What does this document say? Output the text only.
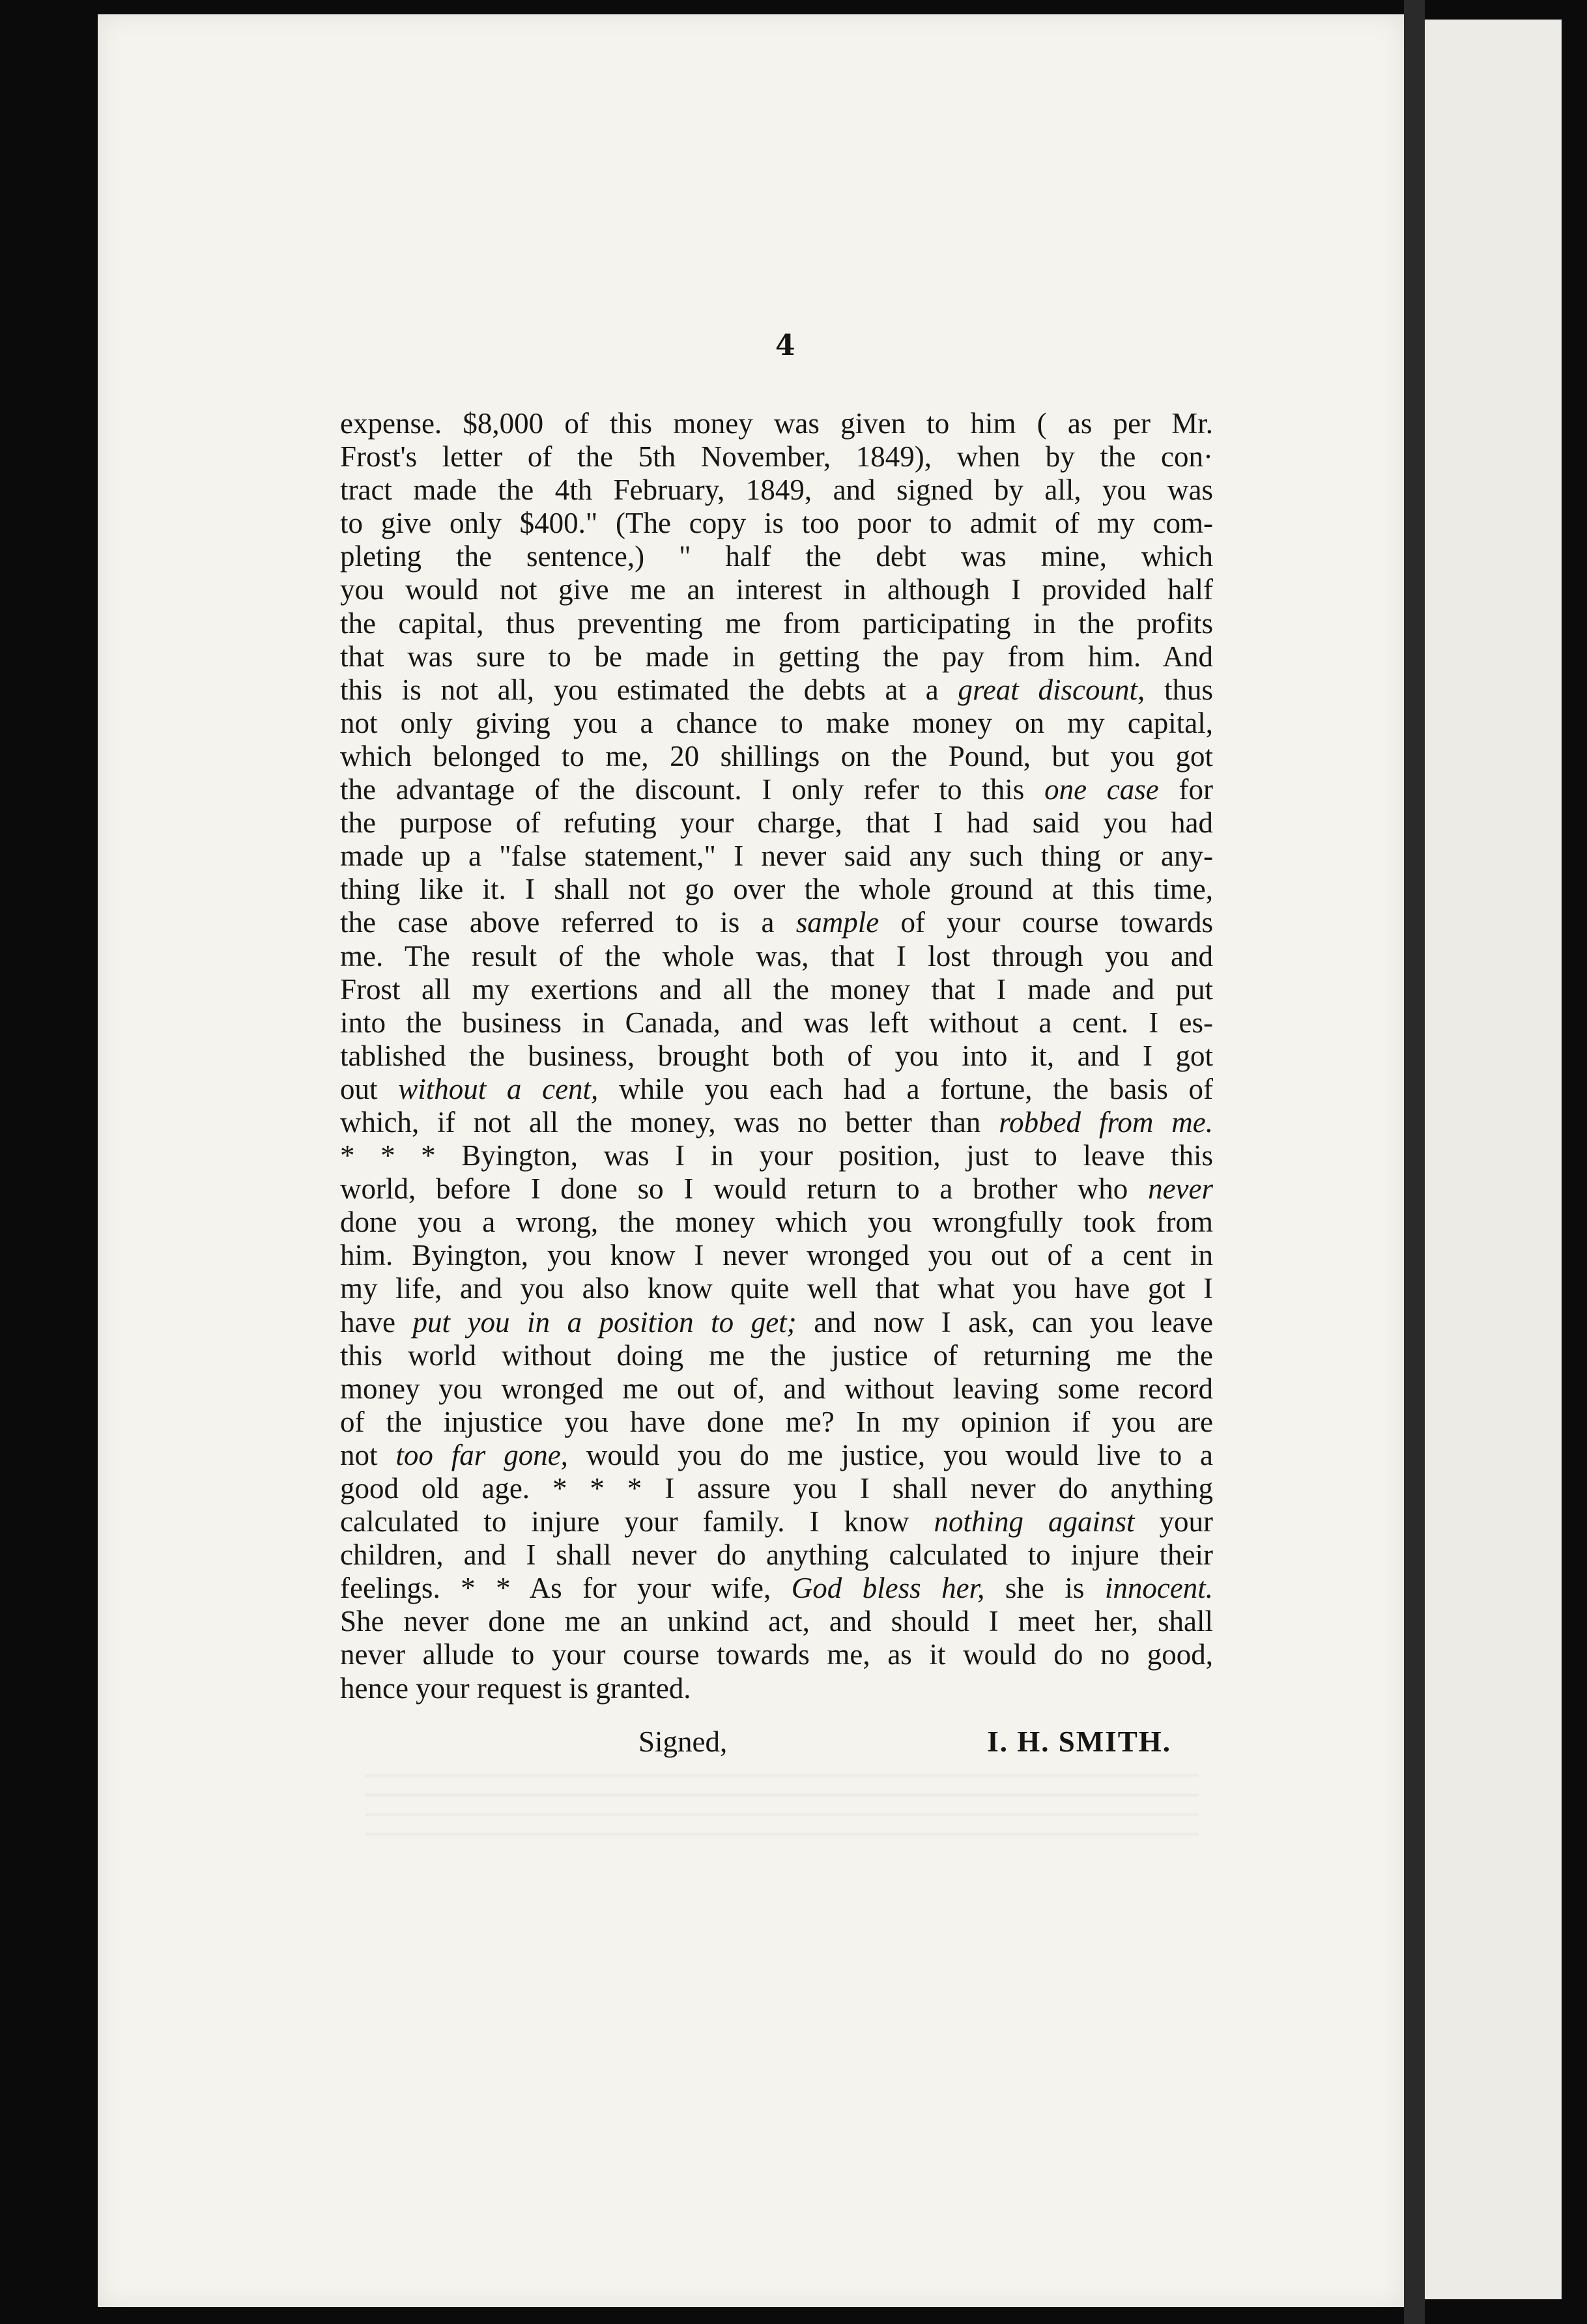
4
expense. $8,000 of this money was given to him ( as per Mr.
Frost's letter of the 5th November, 1849), when by the con·
tract made the 4th February, 1849, and signed by all, you was
to give only $400." (The copy is too poor to admit of my com-
pleting the sentence,) " half the debt was mine, which
you would not give me an interest in although I provided half
the capital, thus preventing me from participating in the profits
that was sure to be made in getting the pay from him. And
this is not all, you estimated the debts at a great discount, thus
not only giving you a chance to make money on my capital,
which belonged to me, 20 shillings on the Pound, but you got
the advantage of the discount. I only refer to this one case for
the purpose of refuting your charge, that I had said you had
made up a "false statement," I never said any such thing or any-
thing like it. I shall not go over the whole ground at this time,
the case above referred to is a sample of your course towards
me. The result of the whole was, that I lost through you and
Frost all my exertions and all the money that I made and put
into the business in Canada, and was left without a cent. I es-
tablished the business, brought both of you into it, and I got
out without a cent, while you each had a fortune, the basis of
which, if not all the money, was no better than robbed from me.
* * * Byington, was I in your position, just to leave this
world, before I done so I would return to a brother who never
done you a wrong, the money which you wrongfully took from
him. Byington, you know I never wronged you out of a cent in
my life, and you also know quite well that what you have got I
have put you in a position to get; and now I ask, can you leave
this world without doing me the justice of returning me the
money you wronged me out of, and without leaving some record
of the injustice you have done me? In my opinion if you are
not too far gone, would you do me justice, you would live to a
good old age. * * * I assure you I shall never do anything
calculated to injure your family. I know nothing against your
children, and I shall never do anything calculated to injure their
feelings. * * As for your wife, God bless her, she is innocent.
She never done me an unkind act, and should I meet her, shall
never allude to your course towards me, as it would do no good,
hence your request is granted.
Signed,	I. H. SMITH.
